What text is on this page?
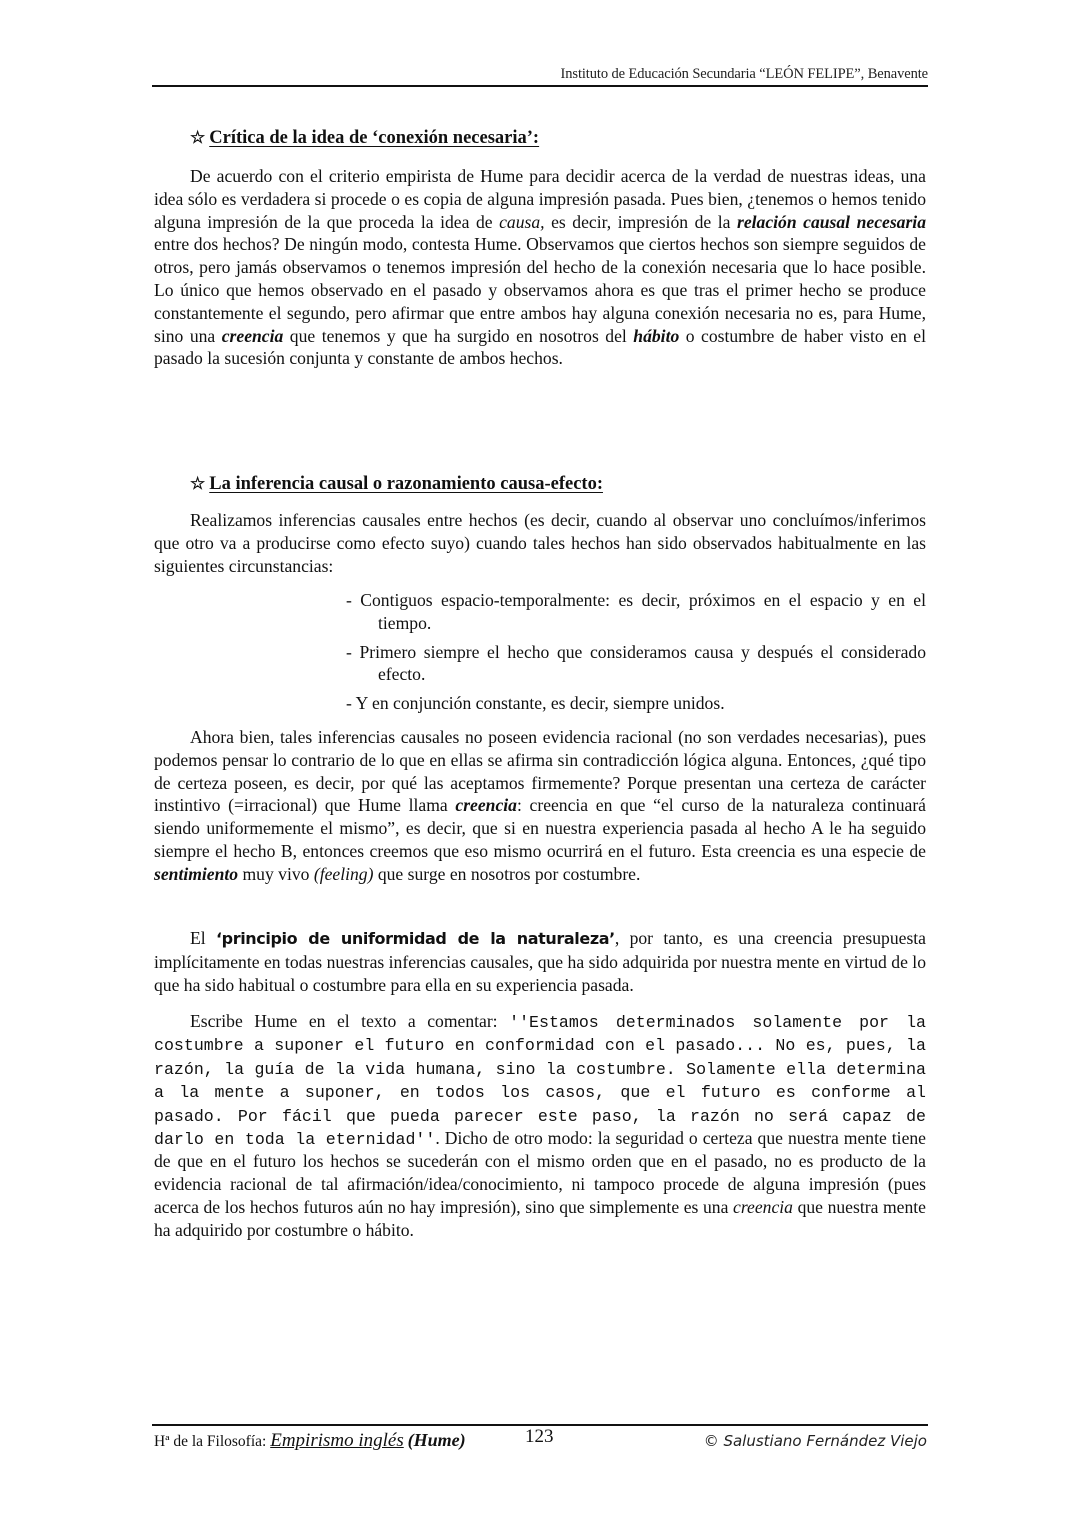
Instituto de Educación Secundaria “LEÓN FELIPE”, Benavente
☆ Crítica de la idea de ‘conexión necesaria’:

De acuerdo con el criterio empirista de Hume para decidir acerca de la verdad de nuestras ideas, una idea sólo es verdadera si procede o es copia de alguna impresión pasada. Pues bien, ¿tenemos o hemos tenido alguna impresión de la que proceda la idea de causa, es decir, impresión de la relación causal necesaria entre dos hechos? De ningún modo, contesta Hume. Observamos que ciertos hechos son siempre seguidos de otros, pero jamás observamos o tenemos impresión del hecho de la conexión necesaria que lo hace posible. Lo único que hemos observado en el pasado y observamos ahora es que tras el primer hecho se produce constantemente el segundo, pero afirmar que entre ambos hay alguna conexión necesaria no es, para Hume, sino una creencia que tenemos y que ha surgido en nosotros del hábito o costumbre de haber visto en el pasado la sucesión conjunta y constante de ambos hechos.

☆ La inferencia causal o razonamiento causa-efecto:

Realizamos inferencias causales entre hechos (es decir, cuando al observar uno concluímos/inferimos que otro va a producirse como efecto suyo) cuando tales hechos han sido observados habitualmente en las siguientes circunstancias:

- Contiguos espacio-temporalmente: es decir, próximos en el espacio y en el tiempo.
- Primero siempre el hecho que consideramos causa y después el considerado efecto.
- Y en conjunción constante, es decir, siempre unidos.

Ahora bien, tales inferencias causales no poseen evidencia racional (no son verdades necesarias), pues podemos pensar lo contrario de lo que en ellas se afirma sin contradicción lógica alguna. Entonces, ¿qué tipo de certeza poseen, es decir, por qué las aceptamos firmemente? Porque presentan una certeza de carácter instintivo (=irracional) que Hume llama creencia: creencia en que “el curso de la naturaleza continuará siendo uniformemente el mismo”, es decir, que si en nuestra experiencia pasada al hecho A le ha seguido siempre el hecho B, entonces creemos que eso mismo ocurrirá en el futuro. Esta creencia es una especie de sentimiento muy vivo (feeling) que surge en nosotros por costumbre.

El ‘principio de uniformidad de la naturaleza’, por tanto, es una creencia presupuesta implícitamente en todas nuestras inferencias causales, que ha sido adquirida por nuestra mente en virtud de lo que ha sido habitual o costumbre para ella en su experiencia pasada.

Escribe Hume en el texto a comentar: ''Estamos determinados solamente por la costumbre a suponer el futuro en conformidad con el pasado... No es, pues, la razón, la guía de la vida humana, sino la costumbre. Solamente ella determina a la mente a suponer, en todos los casos, que el futuro es conforme al pasado. Por fácil que pueda parecer este paso, la razón no será capaz de darlo en toda la eternidad''. Dicho de otro modo: la seguridad o certeza que nuestra mente tiene de que en el futuro los hechos se sucederán con el mismo orden que en el pasado, no es producto de la evidencia racional de tal afirmación/idea/conocimiento, ni tampoco procede de alguna impresión (pues acerca de los hechos futuros aún no hay impresión), sino que simplemente es una creencia que nuestra mente ha adquirido por costumbre o hábito.

Hª de la Filosofía: Empirismo inglés (Hume)	123	© Salustiano Fernández Viejo
